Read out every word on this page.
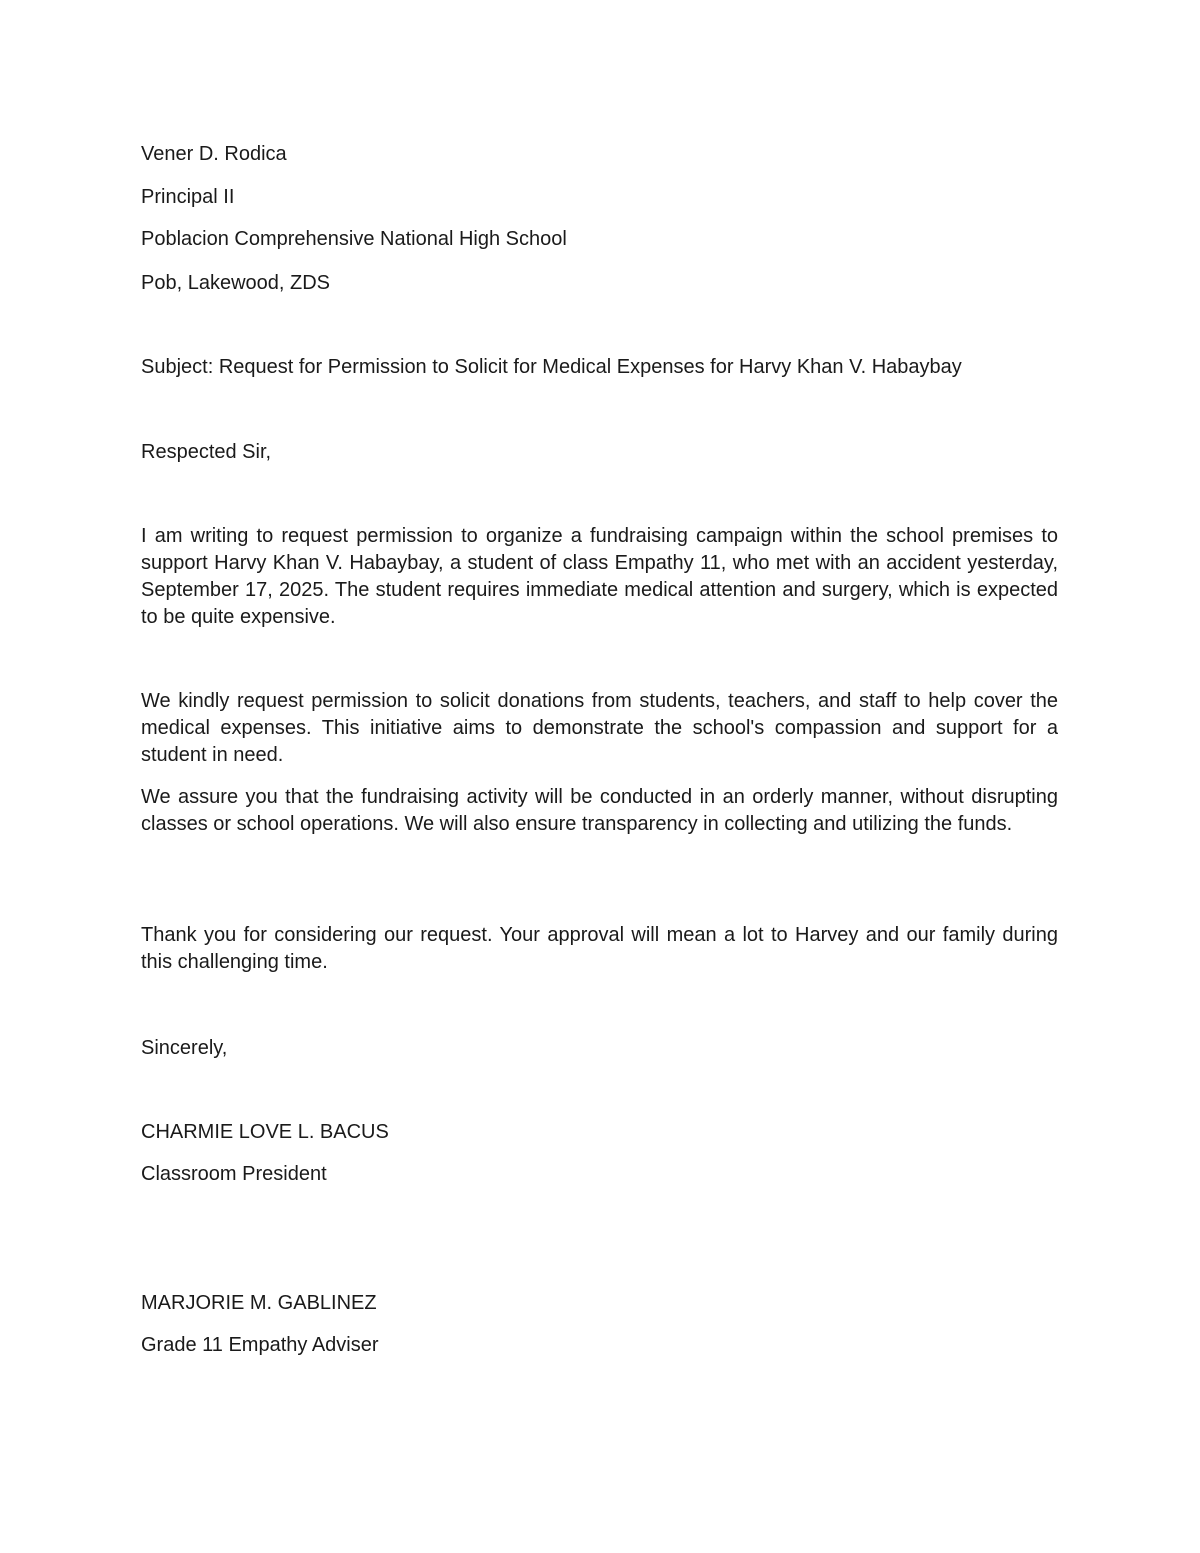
Vener D. Rodica
Principal II
Poblacion Comprehensive National High School
Pob, Lakewood, ZDS
Subject: Request for Permission to Solicit for Medical Expenses for Harvy Khan V. Habaybay
Respected Sir,
I am writing to request permission to organize a fundraising campaign within the school premises to support Harvy Khan V. Habaybay, a student of class Empathy 11, who met with an accident yesterday, September 17, 2025. The student requires immediate medical attention and surgery, which is expected to be quite expensive.
We kindly request permission to solicit donations from students, teachers, and staff to help cover the medical expenses. This initiative aims to demonstrate the school's compassion and support for a student in need.
We assure you that the fundraising activity will be conducted in an orderly manner, without disrupting classes or school operations. We will also ensure transparency in collecting and utilizing the funds.
Thank you for considering our request. Your approval will mean a lot to Harvey and our family during this challenging time.
Sincerely,
CHARMIE LOVE L. BACUS
Classroom President
MARJORIE M. GABLINEZ
Grade 11 Empathy Adviser
